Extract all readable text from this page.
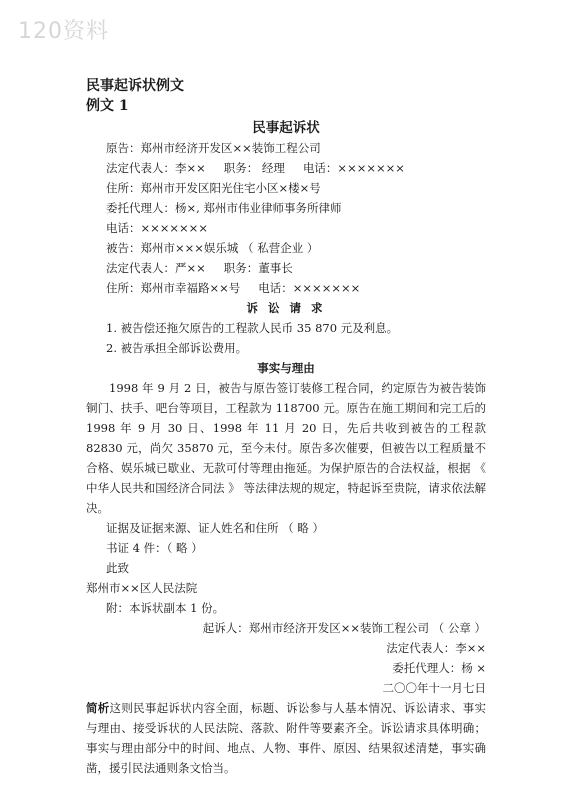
120资料
民事起诉状例文
例文 1
民事起诉状
原告：郑州市经济开发区××装饰工程公司
法定代表人：李×× 职务： 经理 电话：×××××××
住所：郑州市开发区阳光住宅小区×楼×号
委托代理人：杨×, 郑州市伟业律师事务所律师
电话：×××××××
被告：郑州市×××娱乐城 （ 私营企业 ）
法定代表人：严×× 职务：董事长
住所：郑州市幸福路××号 电话：×××××××
诉 讼 请 求
1. 被告偿还拖欠原告的工程款人民币 35 870 元及利息。
2. 被告承担全部诉讼费用。
事实与理由
1998 年 9 月 2 日，被告与原告签订装修工程合同，约定原告为被告装饰铜门、扶手、吧台等项目，工程款为 118700 元。原告在施工期间和完工后的 1998 年 9 月 30 日、1998 年 11 月 20 日，先后共收到被告的工程款 82830 元，尚欠 35870 元，至今未付。原告多次催要，但被告以工程质量不合格、娱乐城已歇业、无款可付等理由拖延。为保护原告的合法权益，根据 《 中华人民共和国经济合同法 》 等法律法规的规定，特起诉至贵院，请求依法解决。
证据及证据来源、证人姓名和住所 （ 略 ）
书证 4 件：（ 略 ）
此致
郑州市××区人民法院
附：本诉状副本 1 份。
起诉人：郑州市经济开发区××装饰工程公司 （ 公章 ）
法定代表人：李××
委托代理人：杨 ×
二〇〇年十一月七日
简析这则民事起诉状内容全面，标题、诉讼参与人基本情况、诉讼请求、事实与理由、接受诉状的人民法院、落款、附件等要素齐全。诉讼请求具体明确；事实与理由部分中的时间、地点、人物、事件、原因、结果叙述清楚，事实确凿，援引民法通则条文恰当。
